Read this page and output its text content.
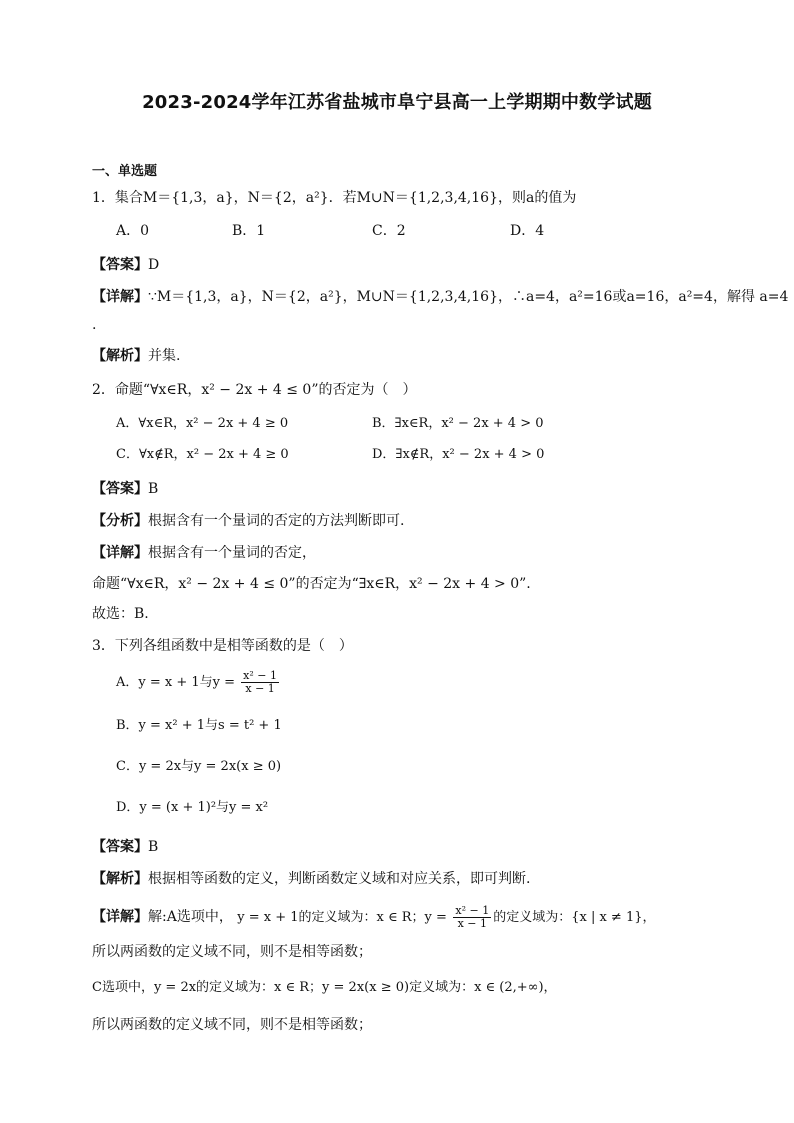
2023-2024学年江苏省盐城市阜宁县高一上学期期中数学试题
一、单选题
1．集合M＝{1,3，a}，N＝{2，a²}．若M∪N＝{1,2,3,4,16}，则a的值为
A．0	B．1	C．2	D．4
【答案】D
【详解】∵M＝{1,3，a}，N＝{2，a²}，M∪N＝{1,2,3,4,16}，∴a=4，a²=16或a=16，a²=4，解得 a=4
.
【解析】并集.
2．命题“∀x∈R，x² − 2x + 4 ≤ 0”的否定为（　）
A．∀x∈R，x² − 2x + 4 ≥ 0	B．∃x∈R，x² − 2x + 4 > 0
C．∀x∉R，x² − 2x + 4 ≥ 0	D．∃x∉R，x² − 2x + 4 > 0
【答案】B
【分析】根据含有一个量词的否定的方法判断即可.
【详解】根据含有一个量词的否定，
命题“∀x∈R，x² − 2x + 4 ≤ 0”的否定为“∃x∈R，x² − 2x + 4 > 0”.
故选：B.
3．下列各组函数中是相等函数的是（　）
A．y = x + 1与$y = \frac{\text{x² − 1}}{x - 1}$
B．y = x² + 1与s = t² + 1
C．y = 2x与y = 2x(x ≥ 0)
D．y = (x + 1)²与y = x²
【答案】B
【解析】根据相等函数的定义，判断函数定义域和对应关系，即可判断.
【详解】解:A选项中， y = x + 1的定义域为：x ∈ R；$y = \frac{\text{x² − 1}}{x - 1}$ 的定义域为：{x | x ≠ 1}，
所以两函数的定义域不同，则不是相等函数；
C选项中，y = 2x的定义域为：x ∈ R；y = 2x(x ≥ 0)定义域为：x ∈ (2,+∞)，
所以两函数的定义域不同，则不是相等函数；
